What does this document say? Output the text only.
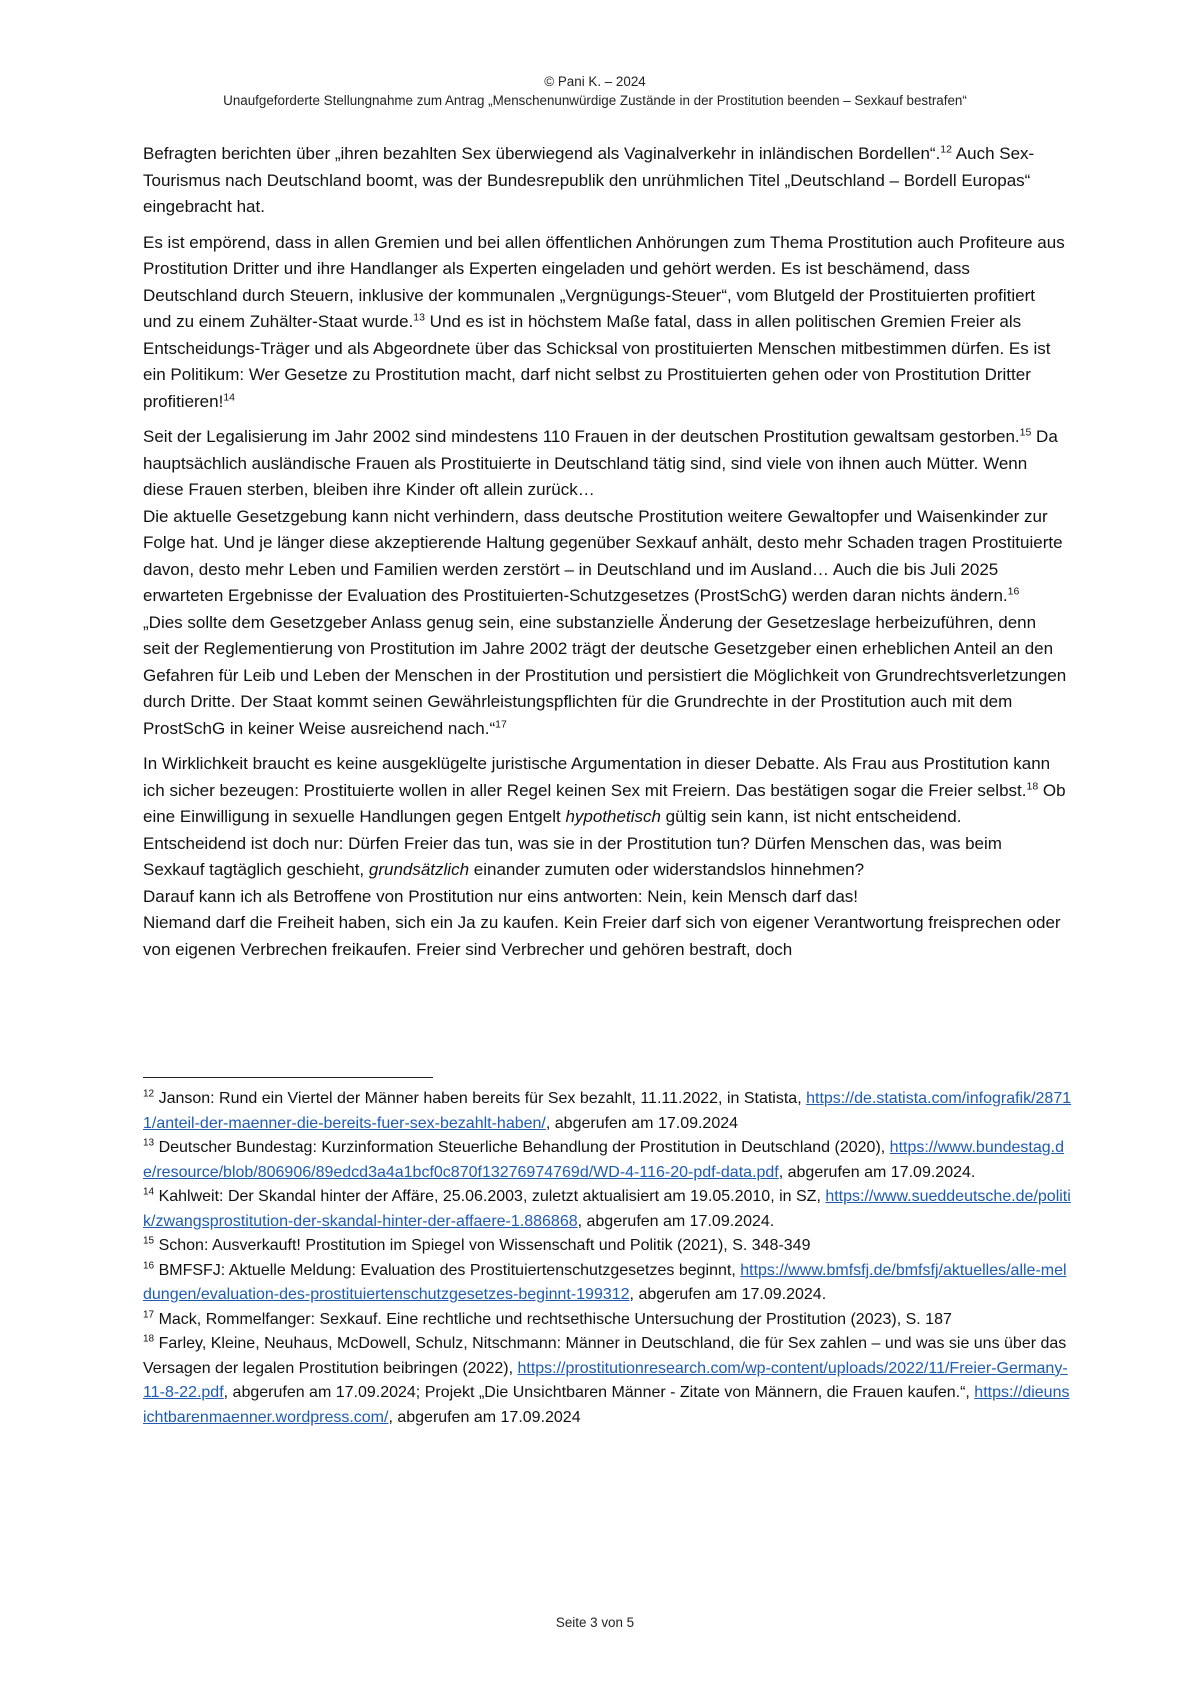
© Pani K. – 2024
Unaufgeforderte Stellungnahme zum Antrag „Menschenunwürdige Zustände in der Prostitution beenden – Sexkauf bestrafen“

Befragten berichten über „ihren bezahlten Sex überwiegend als Vaginalverkehr in inländischen Bordellen“.$^{12}$ Auch Sex-Tourismus nach Deutschland boomt, was der Bundesrepublik den unrühmlichen Titel „Deutschland – Bordell Europas“ eingebracht hat.

Es ist empörend, dass in allen Gremien und bei allen öffentlichen Anhörungen zum Thema Prostitution auch Profiteure aus Prostitution Dritter und ihre Handlanger als Experten eingeladen und gehört werden. Es ist beschämend, dass Deutschland durch Steuern, inklusive der kommunalen „Vergnügungs-Steuer“, vom Blutgeld der Prostituierten profitiert und zu einem Zuhälter-Staat wurde.$^{13}$ Und es ist in höchstem Maße fatal, dass in allen politischen Gremien Freier als Entscheidungs-Träger und als Abgeordnete über das Schicksal von prostituierten Menschen mitbestimmen dürfen. Es ist ein Politikum: Wer Gesetze zu Prostitution macht, darf nicht selbst zu Prostituierten gehen oder von Prostitution Dritter profitieren!$^{14}$

Seit der Legalisierung im Jahr 2002 sind mindestens 110 Frauen in der deutschen Prostitution gewaltsam gestorben.$^{15}$ Da hauptsächlich ausländische Frauen als Prostituierte in Deutschland tätig sind, sind viele von ihnen auch Mütter. Wenn diese Frauen sterben, bleiben ihre Kinder oft allein zurück…
Die aktuelle Gesetzgebung kann nicht verhindern, dass deutsche Prostitution weitere Gewaltopfer und Waisenkinder zur Folge hat. Und je länger diese akzeptierende Haltung gegenüber Sexkauf anhält, desto mehr Schaden tragen Prostituierte davon, desto mehr Leben und Familien werden zerstört – in Deutschland und im Ausland… Auch die bis Juli 2025 erwarteten Ergebnisse der Evaluation des Prostituierten-Schutzgesetzes (ProstSchG) werden daran nichts ändern.$^{16}$
„Dies sollte dem Gesetzgeber Anlass genug sein, eine substanzielle Änderung der Gesetzeslage herbeizuführen, denn seit der Reglementierung von Prostitution im Jahre 2002 trägt der deutsche Gesetzgeber einen erheblichen Anteil an den Gefahren für Leib und Leben der Menschen in der Prostitution und persistiert die Möglichkeit von Grundrechtsverletzungen durch Dritte. Der Staat kommt seinen Gewährleistungspflichten für die Grundrechte in der Prostitution auch mit dem ProstSchG in keiner Weise ausreichend nach.“$^{17}$

In Wirklichkeit braucht es keine ausgeklügelte juristische Argumentation in dieser Debatte. Als Frau aus Prostitution kann ich sicher bezeugen: Prostituierte wollen in aller Regel keinen Sex mit Freiern. Das bestätigen sogar die Freier selbst.$^{18}$ Ob eine Einwilligung in sexuelle Handlungen gegen Entgelt hypothetisch gültig sein kann, ist nicht entscheidend. Entscheidend ist doch nur: Dürfen Freier das tun, was sie in der Prostitution tun? Dürfen Menschen das, was beim Sexkauf tagtäglich geschieht, grundsätzlich einander zumuten oder widerstandslos hinnehmen?
Darauf kann ich als Betroffene von Prostitution nur eins antworten: Nein, kein Mensch darf das!
Niemand darf die Freiheit haben, sich ein Ja zu kaufen. Kein Freier darf sich von eigener Verantwortung freisprechen oder von eigenen Verbrechen freikaufen. Freier sind Verbrecher und gehören bestraft, doch

$^{12}$ Janson: Rund ein Viertel der Männer haben bereits für Sex bezahlt, 11.11.2022, in Statista, https://de.statista.com/infografik/28711/anteil-der-maenner-die-bereits-fuer-sex-bezahlt-haben/, abgerufen am 17.09.2024

$^{13}$ Deutscher Bundestag: Kurzinformation Steuerliche Behandlung der Prostitution in Deutschland (2020), https://www.bundestag.de/resource/blob/806906/89edcd3a4a1bcf0c870f13276974769d/WD-4-116-20-pdf-data.pdf, abgerufen am 17.09.2024.

$^{14}$ Kahlweit: Der Skandal hinter der Affäre, 25.06.2003, zuletzt aktualisiert am 19.05.2010, in SZ, https://www.sueddeutsche.de/politik/zwangsprostitution-der-skandal-hinter-der-affaere-1.886868, abgerufen am 17.09.2024.

$^{15}$ Schon: Ausverkauft! Prostitution im Spiegel von Wissenschaft und Politik (2021), S. 348-349

$^{16}$ BMFSFJ: Aktuelle Meldung: Evaluation des Prostituiertenschutzgesetzes beginnt, https://www.bmfsfj.de/bmfsfj/aktuelles/alle-meldungen/evaluation-des-prostituiertenschutzgesetzes-beginnt-199312, abgerufen am 17.09.2024.

$^{17}$ Mack, Rommelfanger: Sexkauf. Eine rechtliche und rechtsethische Untersuchung der Prostitution (2023), S. 187

$^{18}$ Farley, Kleine, Neuhaus, McDowell, Schulz, Nitschmann: Männer in Deutschland, die für Sex zahlen – und was sie uns über das Versagen der legalen Prostitution beibringen (2022), https://prostitutionresearch.com/wp-content/uploads/2022/11/Freier-Germany-11-8-22.pdf, abgerufen am 17.09.2024; Projekt „Die Unsichtbaren Männer - Zitate von Männern, die Frauen kaufen.“, https://dieunsichtbarenmaenner.wordpress.com/, abgerufen am 17.09.2024

Seite 3 von 5
